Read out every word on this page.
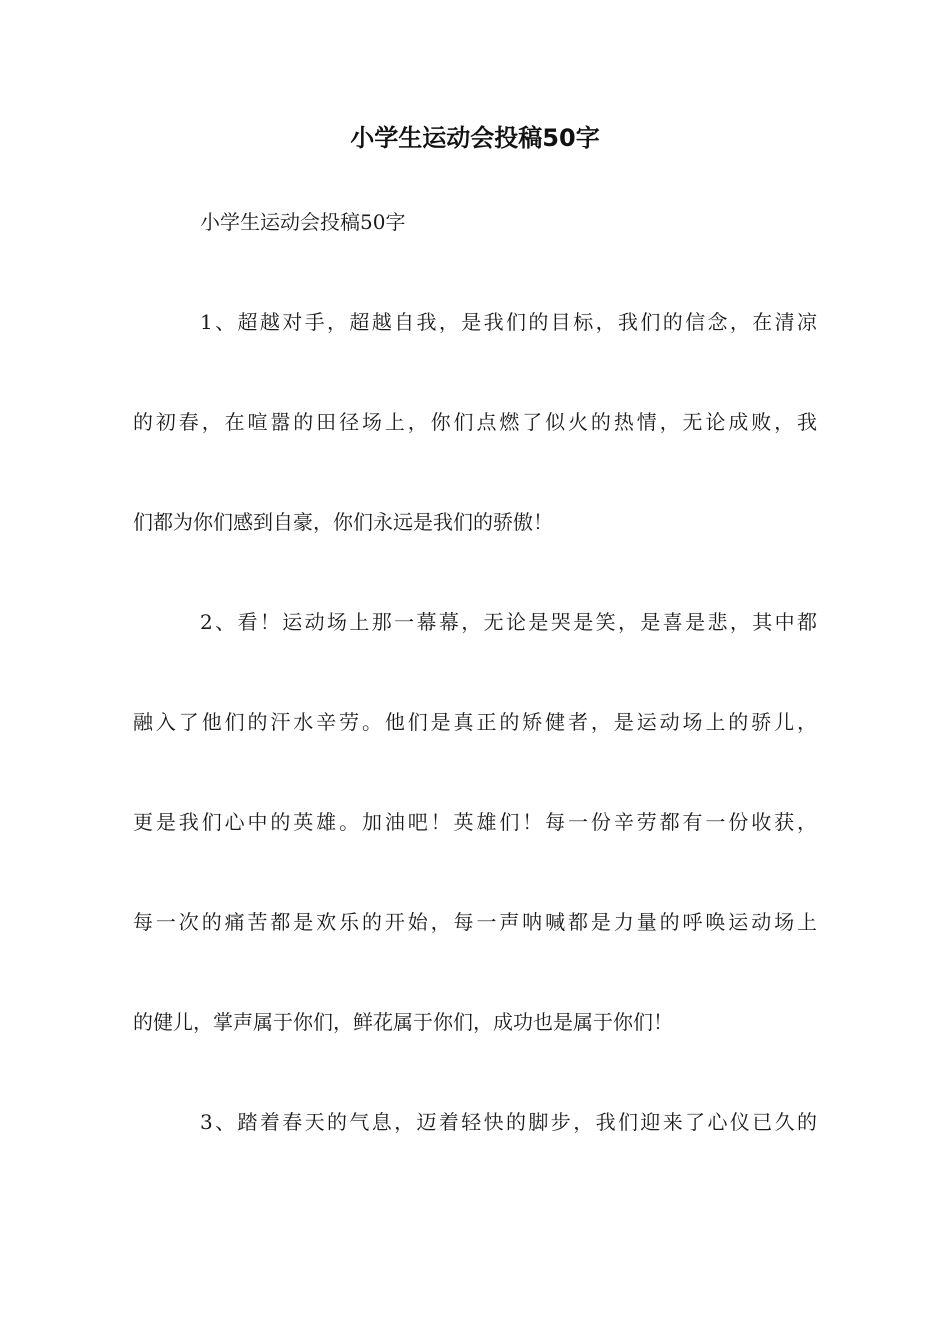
小学生运动会投稿50字

小学生运动会投稿50字

1、超越对手，超越自我，是我们的目标，我们的信念，在清凉

的初春，在喧嚣的田径场上，你们点燃了似火的热情，无论成败，我

们都为你们感到自豪，你们永远是我们的骄傲！

2、看！运动场上那一幕幕，无论是哭是笑，是喜是悲，其中都

融入了他们的汗水辛劳。他们是真正的矫健者，是运动场上的骄儿，

更是我们心中的英雄。加油吧！英雄们！每一份辛劳都有一份收获，

每一次的痛苦都是欢乐的开始，每一声呐喊都是力量的呼唤运动场上

的健儿，掌声属于你们，鲜花属于你们，成功也是属于你们！

3、踏着春天的气息，迈着轻快的脚步，我们迎来了心仪已久的
